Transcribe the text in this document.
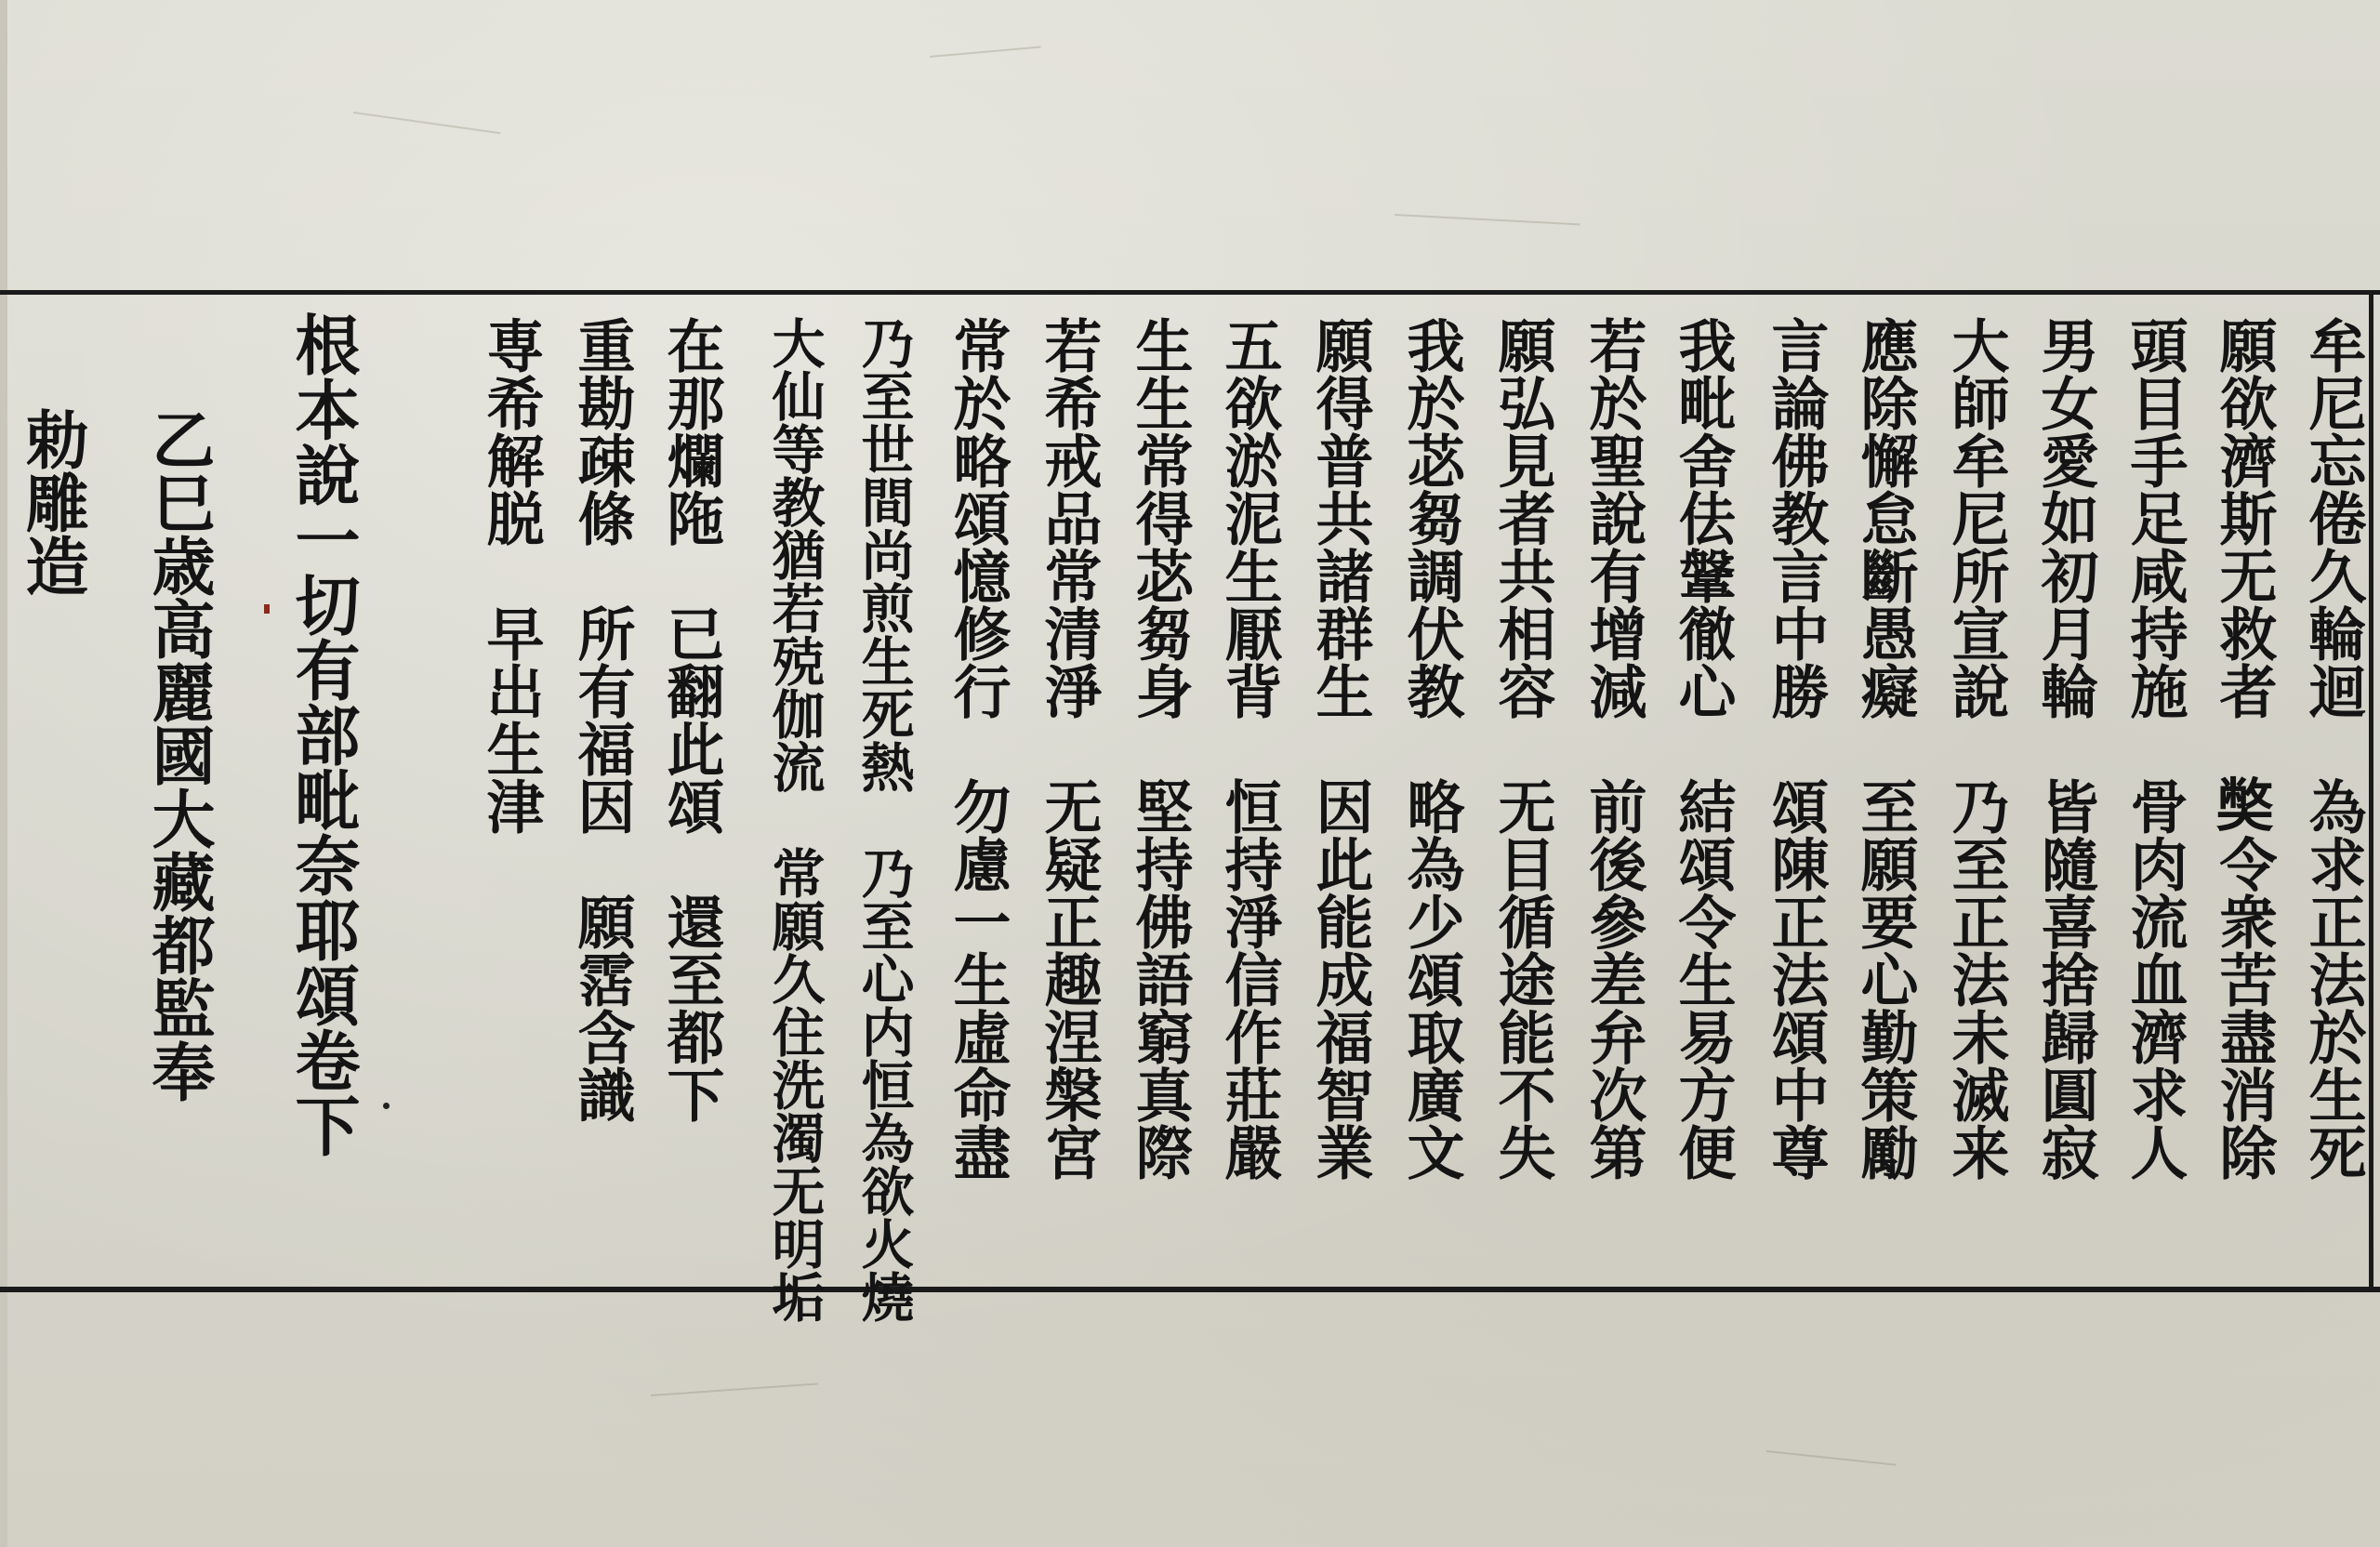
牟尼忘倦久輪迴　為求正法於生死
願欲濟斯无救者　𡚁令衆苦盡消除
頭目手足咸持施　骨肉流血濟求人
男女愛如初月輪　皆隨喜捨歸圓寂
大師牟尼所宣說　乃至正法未滅来
應除懈怠斷愚癡　至願要心勤策勵
言論佛教言中勝　頌陳正法頌中尊
我毗舍佉鞶徹心　結頌令生易方便
若於聖說有增減　前後參差弁次第
願弘見者共相容　无目循途能不失
我於苾芻調伏教　略為少頌取廣文
願得普共諸群生　因此能成福智業
五欲淤泥生厭背　恒持淨信作莊嚴
生生常得苾芻身　堅持佛語窮真際
若希戒品常清淨　无疑正趣涅槃宮
常於略頌憶修行　勿慮一生虛命盡
乃至世間尚煎生死熱　乃至心内恒為欲火燒
大仙等教猶若殑伽流　常願久住洗濁无明垢
在那爛陁　已翻此頌　還至都下
重勘疎條　所有福因　願霑含識
専希解脱　早出生津
根本說一切有部毗奈耶頌卷下
乙巳歳高麗國大藏都監奉
勅雕造
